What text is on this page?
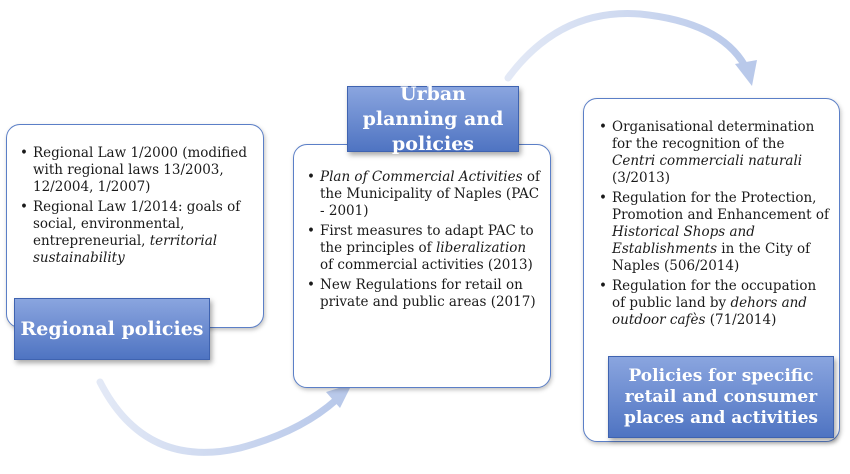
• Regional Law 1/2000 (modified with regional laws 13/2003, 12/2004, 1/2007)
• Regional Law 1/2014: goals of social, environmental, entrepreneurial, territorial sustainability
Regional policies
• Plan of Commercial Activities of the Municipality of Naples (PAC - 2001)
• First measures to adapt PAC to the principles of liberalization of commercial activities (2013)
• New Regulations for retail on private and public areas (2017)
Urban planning and policies
• Organisational determination for the recognition of the Centri commerciali naturali (3/2013)
• Regulation for the Protection, Promotion and Enhancement of Historical Shops and Establishments in the City of Naples (506/2014)
• Regulation for the occupation of public land by dehors and outdoor cafès (71/2014)
Policies for specific retail and consumer places and activities
